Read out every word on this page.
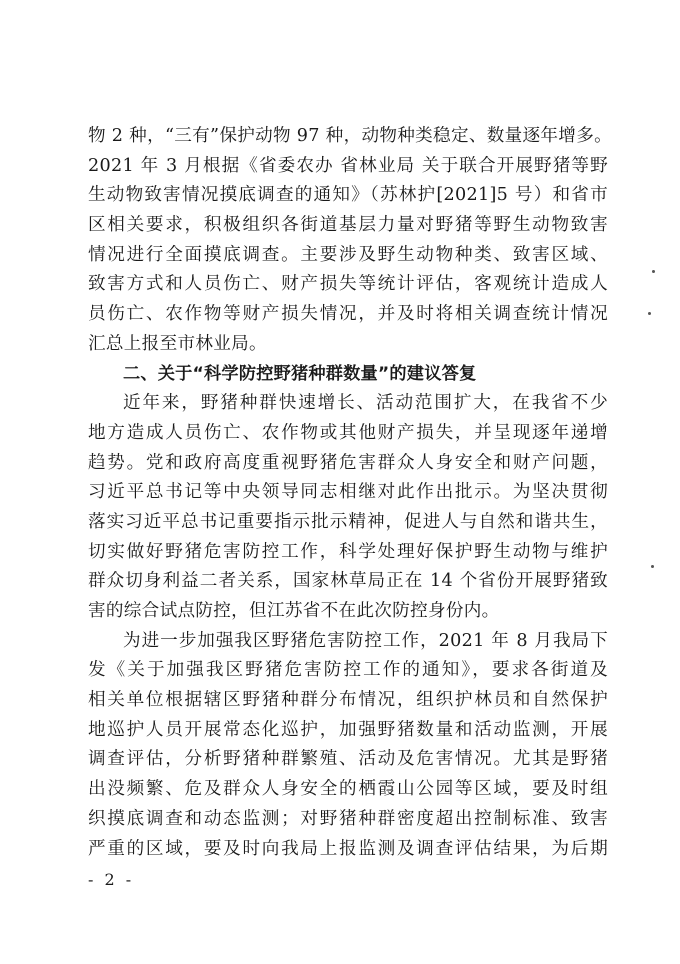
物 2 种，“三有”保护动物 97 种，动物种类稳定、数量逐年增多。
2021 年 3 月根据《省委农办 省林业局 关于联合开展野猪等野
生动物致害情况摸底调查的通知》（苏林护[2021]5 号）和省市
区相关要求，积极组织各街道基层力量对野猪等野生动物致害
情况进行全面摸底调查。主要涉及野生动物种类、致害区域、
致害方式和人员伤亡、财产损失等统计评估，客观统计造成人
员伤亡、农作物等财产损失情况，并及时将相关调查统计情况
汇总上报至市林业局。
二、关于“科学防控野猪种群数量”的建议答复
近年来，野猪种群快速增长、活动范围扩大，在我省不少
地方造成人员伤亡、农作物或其他财产损失，并呈现逐年递增
趋势。党和政府高度重视野猪危害群众人身安全和财产问题，
习近平总书记等中央领导同志相继对此作出批示。为坚决贯彻
落实习近平总书记重要指示批示精神，促进人与自然和谐共生，
切实做好野猪危害防控工作，科学处理好保护野生动物与维护
群众切身利益二者关系，国家林草局正在 14 个省份开展野猪致
害的综合试点防控，但江苏省不在此次防控身份内。
为进一步加强我区野猪危害防控工作，2021 年 8 月我局下
发《关于加强我区野猪危害防控工作的通知》，要求各街道及
相关单位根据辖区野猪种群分布情况，组织护林员和自然保护
地巡护人员开展常态化巡护，加强野猪数量和活动监测，开展
调查评估，分析野猪种群繁殖、活动及危害情况。尤其是野猪
出没频繁、危及群众人身安全的栖霞山公园等区域，要及时组
织摸底调查和动态监测；对野猪种群密度超出控制标准、致害
严重的区域，要及时向我局上报监测及调查评估结果，为后期
- 2 -
